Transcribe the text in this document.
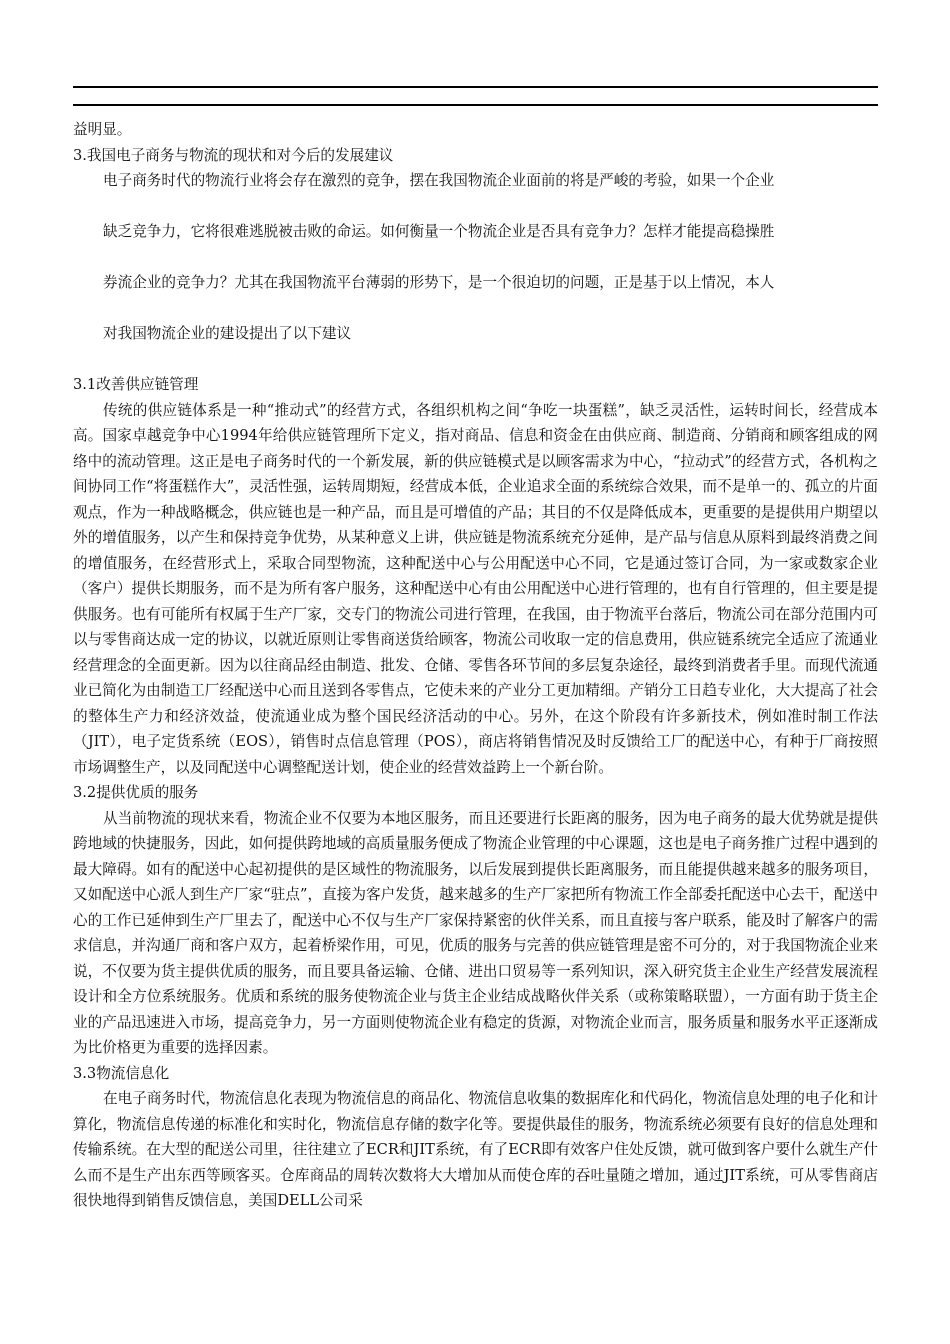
益明显。

3.我国电子商务与物流的现状和对今后的发展建议

电子商务时代的物流行业将会存在激烈的竞争，摆在我国物流企业面前的将是严峻的考验，如果一个企业
缺乏竞争力，它将很难逃脱被击败的命运。如何衡量一个物流企业是否具有竞争力？怎样才能提高稳操胜
券流企业的竞争力？尤其在我国物流平台薄弱的形势下，是一个很迫切的问题，正是基于以上情况，本人
对我国物流企业的建设提出了以下建议

3.1改善供应链管理

传统的供应链体系是一种“推动式”的经营方式，各组织机构之间“争吃一块蛋糕”，缺乏灵活性，运转时间长，经营成本高。国家卓越竞争中心1994年给供应链管理所下定义，指对商品、信息和资金在由供应商、制造商、分销商和顾客组成的网络中的流动管理。这正是电子商务时代的一个新发展，新的供应链模式是以顾客需求为中心，“拉动式”的经营方式，各机构之间协同工作“将蛋糕作大”，灵活性强，运转周期短，经营成本低，企业追求全面的系统综合效果，而不是单一的、孤立的片面观点，作为一种战略概念，供应链也是一种产品，而且是可增值的产品；其目的不仅是降低成本，更重要的是提供用户期望以外的增值服务，以产生和保持竞争优势，从某种意义上讲，供应链是物流系统充分延伸，是产品与信息从原料到最终消费之间的增值服务，在经营形式上，采取合同型物流，这种配送中心与公用配送中心不同，它是通过签订合同，为一家或数家企业（客户）提供长期服务，而不是为所有客户服务，这种配送中心有由公用配送中心进行管理的，也有自行管理的，但主要是提供服务。也有可能所有权属于生产厂家，交专门的物流公司进行管理，在我国，由于物流平台落后，物流公司在部分范围内可以与零售商达成一定的协议，以就近原则让零售商送货给顾客，物流公司收取一定的信息费用，供应链系统完全适应了流通业经营理念的全面更新。因为以往商品经由制造、批发、仓储、零售各环节间的多层复杂途径，最终到消费者手里。而现代流通业已简化为由制造工厂经配送中心而且送到各零售点，它使未来的产业分工更加精细。产销分工日趋专业化，大大提高了社会的整体生产力和经济效益，使流通业成为整个国民经济活动的中心。另外，在这个阶段有许多新技术，例如准时制工作法（JIT），电子定货系统（EOS），销售时点信息管理（POS），商店将销售情况及时反馈给工厂的配送中心，有种于厂商按照市场调整生产，以及同配送中心调整配送计划，使企业的经营效益跨上一个新台阶。

3.2提供优质的服务

从当前物流的现状来看，物流企业不仅要为本地区服务，而且还要进行长距离的服务，因为电子商务的最大优势就是提供跨地域的快捷服务，因此，如何提供跨地域的高质量服务便成了物流企业管理的中心课题，这也是电子商务推广过程中遇到的最大障碍。如有的配送中心起初提供的是区域性的物流服务，以后发展到提供长距离服务，而且能提供越来越多的服务项目，又如配送中心派人到生产厂家“驻点”，直接为客户发货，越来越多的生产厂家把所有物流工作全部委托配送中心去干，配送中心的工作已延伸到生产厂里去了，配送中心不仅与生产厂家保持紧密的伙伴关系，而且直接与客户联系，能及时了解客户的需求信息，并沟通厂商和客户双方，起着桥梁作用，可见，优质的服务与完善的供应链管理是密不可分的，对于我国物流企业来说，不仅要为货主提供优质的服务，而且要具备运输、仓储、进出口贸易等一系列知识，深入研究货主企业生产经营发展流程设计和全方位系统服务。优质和系统的服务使物流企业与货主企业结成战略伙伴关系（或称策略联盟），一方面有助于货主企业的产品迅速进入市场，提高竞争力，另一方面则使物流企业有稳定的货源，对物流企业而言，服务质量和服务水平正逐渐成为比价格更为重要的选择因素。

3.3物流信息化

在电子商务时代，物流信息化表现为物流信息的商品化、物流信息收集的数据库化和代码化，物流信息处理的电子化和计算化，物流信息传递的标准化和实时化，物流信息存储的数字化等。要提供最佳的服务，物流系统必须要有良好的信息处理和传输系统。在大型的配送公司里，往往建立了ECR和JIT系统，有了ECR即有效客户住处反馈，就可做到客户要什么就生产什么而不是生产出东西等顾客买。仓库商品的周转次数将大大增加从而使仓库的吞吐量随之增加，通过JIT系统，可从零售商店很快地得到销售反馈信息，美国DELL公司采
